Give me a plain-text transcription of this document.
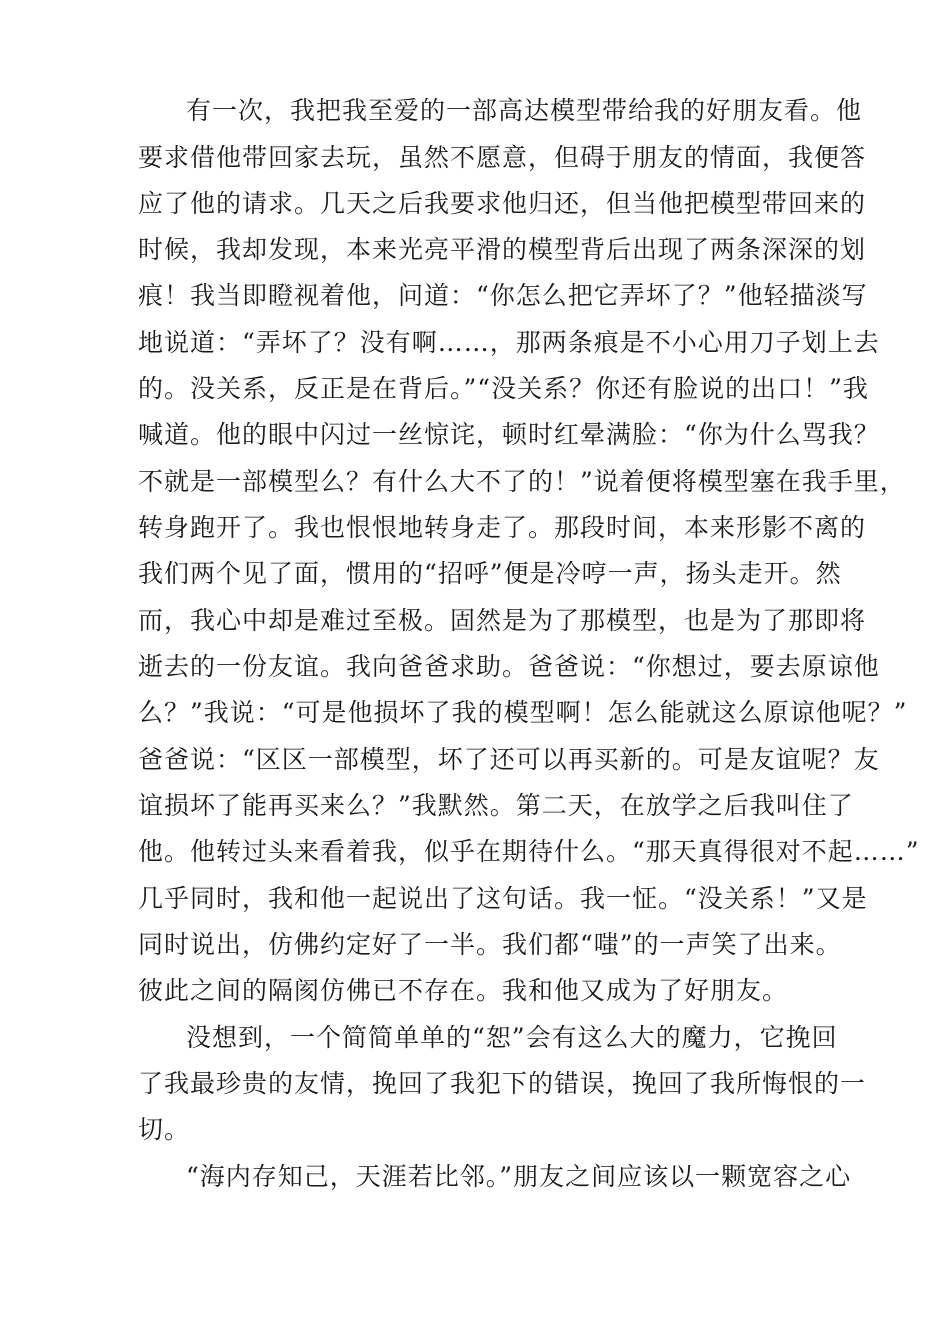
有一次，我把我至爱的一部高达模型带给我的好朋友看。他
要求借他带回家去玩，虽然不愿意，但碍于朋友的情面，我便答
应了他的请求。几天之后我要求他归还，但当他把模型带回来的
时候，我却发现，本来光亮平滑的模型背后出现了两条深深的划
痕！我当即瞪视着他，问道：“你怎么把它弄坏了？”他轻描淡写
地说道：“弄坏了？没有啊……，那两条痕是不小心用刀子划上去
的。没关系，反正是在背后。”“没关系？你还有脸说的出口！”我
喊道。他的眼中闪过一丝惊诧，顿时红晕满脸：“你为什么骂我？
不就是一部模型么？有什么大不了的！”说着便将模型塞在我手里，
转身跑开了。我也恨恨地转身走了。那段时间，本来形影不离的
我们两个见了面，惯用的“招呼”便是冷哼一声，扬头走开。然
而，我心中却是难过至极。固然是为了那模型，也是为了那即将
逝去的一份友谊。我向爸爸求助。爸爸说：“你想过，要去原谅他
么？”我说：“可是他损坏了我的模型啊！怎么能就这么原谅他呢？”
爸爸说：“区区一部模型，坏了还可以再买新的。可是友谊呢？友
谊损坏了能再买来么？”我默然。第二天，在放学之后我叫住了
他。他转过头来看着我，似乎在期待什么。“那天真得很对不起……”
几乎同时，我和他一起说出了这句话。我一怔。“没关系！”又是
同时说出，仿佛约定好了一半。我们都“嗤”的一声笑了出来。
彼此之间的隔阂仿佛已不存在。我和他又成为了好朋友。
没想到，一个简简单单的“恕”会有这么大的魔力，它挽回
了我最珍贵的友情，挽回了我犯下的错误，挽回了我所悔恨的一
切。
“海内存知己，天涯若比邻。”朋友之间应该以一颗宽容之心
